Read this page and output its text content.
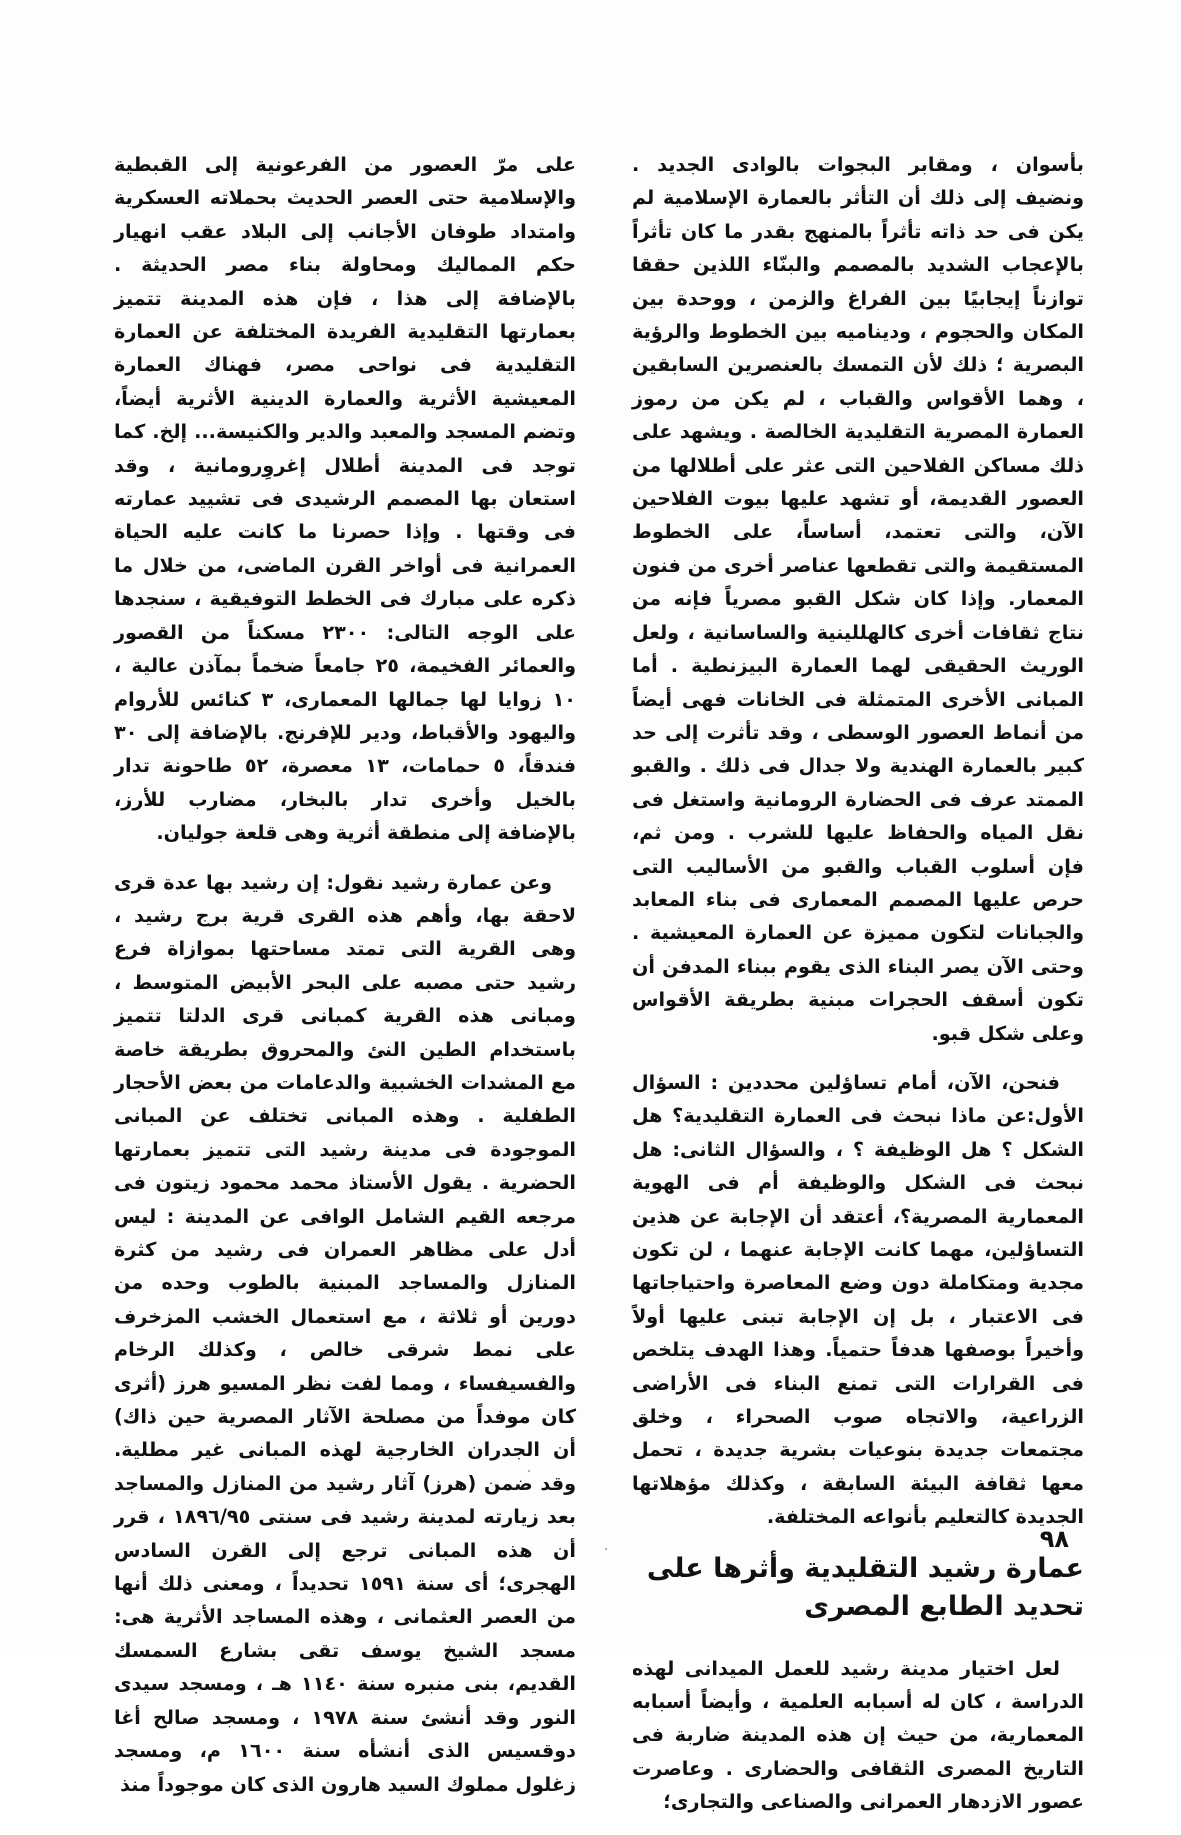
بأسوان ، ومقابر البجوات بالوادى الجديد . ونضيف إلى ذلك أن التأثر بالعمارة الإسلامية لم يكن فى حد ذاته تأثراً بالمنهج بقدر ما كان تأثراً بالإعجاب الشديد بالمصمم والبنّاء اللذين حققا توازناً إيجابيًا بين الفراغ والزمن ، ووحدة بين المكان والحجوم ، وديناميه بين الخطوط والرؤية البصرية ؛ ذلك لأن التمسك بالعنصرين السابقين ، وهما الأقواس والقباب ، لم يكن من رموز العمارة المصرية التقليدية الخالصة . ويشهد على ذلك مساكن الفلاحين التى عثر على أطلالها من العصور القديمة، أو تشهد عليها بيوت الفلاحين الآن، والتى تعتمد، أساساً، على الخطوط المستقيمة والتى تقطعها عناصر أخرى من فنون المعمار. وإذا كان شكل القبو مصرياً فإنه من نتاج ثقافات أخرى كالهللينية والساسانية ، ولعل الوريث الحقيقى لهما العمارة البيزنطية . أما المبانى الأخرى المتمثلة فى الخانات فهى أيضاً من أنماط العصور الوسطى ، وقد تأثرت إلى حد كبير بالعمارة الهندية ولا جدال فى ذلك . والقبو الممتد عرف فى الحضارة الرومانية واستغل فى نقل المياه والحفاظ عليها للشرب . ومن ثم، فإن أسلوب القباب والقبو من الأساليب التى حرص عليها المصمم المعمارى فى بناء المعابد والجبانات لتكون مميزة عن العمارة المعيشية . وحتى الآن يصر البناء الذى يقوم ببناء المدفن أن تكون أسقف الحجرات مبنية بطريقة الأقواس وعلى شكل قبو.

فنحن، الآن، أمام تساؤلين محددين : السؤال الأول:عن ماذا نبحث فى العمارة التقليدية؟ هل الشكل ؟ هل الوظيفة ؟ ، والسؤال الثانى: هل نبحث فى الشكل والوظيفة أم فى الهوية المعمارية المصرية؟، أعتقد أن الإجابة عن هذين التساؤلين، مهما كانت الإجابة عنهما ، لن تكون مجدية ومتكاملة دون وضع المعاصرة واحتياجاتها فى الاعتبار ، بل إن الإجابة تبنى عليها أولاً وأخيراً بوصفها هدفاً حتمياً. وهذا الهدف يتلخص فى القرارات التى تمنع البناء فى الأراضى الزراعية، والاتجاه صوب الصحراء ، وخلق مجتمعات جديدة بنوعيات بشرية جديدة ، تحمل معها ثقافة البيئة السابقة ، وكذلك مؤهلاتها الجديدة كالتعليم بأنواعه المختلفة.

عمارة رشيد التقليدية وأثرها على تحديد الطابع المصرى

لعل اختيار مدينة رشيد للعمل الميدانى لهذه الدراسة ، كان له أسبابه العلمية ، وأيضاً أسبابه المعمارية، من حيث إن هذه المدينة ضاربة فى التاريخ المصرى الثقافى والحضارى . وعاصرت عصور الازدهار العمرانى والصناعى والتجارى؛

على مرّ العصور من الفرعونية إلى القبطية والإسلامية حتى العصر الحديث بحملاته العسكرية وامتداد طوفان الأجانب إلى البلاد عقب انهيار حكم المماليك ومحاولة بناء مصر الحديثة . بالإضافة إلى هذا ، فإن هذه المدينة تتميز بعمارتها التقليدية الفريدة المختلفة عن العمارة التقليدية فى نواحى مصر، فهناك العمارة المعيشية الأثرية والعمارة الدينية الأثرية أيضاً، وتضم المسجد والمعبد والدير والكنيسة... إلخ. كما توجد فى المدينة أطلال إغروِرومانية ، وقد استعان بها المصمم الرشيدى فى تشييد عمارته فى وقتها . وإذا حصرنا ما كانت عليه الحياة العمرانية فى أواخر القرن الماضى، من خلال ما ذكره على مبارك فى الخطط التوفيقية ، سنجدها على الوجه التالى: ٢٣٠٠ مسكناً من القصور والعمائر الفخيمة، ٢٥ جامعاً ضخماً بمآذن عالية ، ١٠ زوايا لها جمالها المعمارى، ٣ كنائس للأروام واليهود والأقباط، ودير للإفرنج. بالإضافة إلى ٣٠ فندقاً، ٥ حمامات، ١٣ معصرة، ٥٢ طاحونة تدار بالخيل وأخرى تدار بالبخار، مضارب للأرز، بالإضافة إلى منطقة أثرية وهى قلعة جوليان.

وعن عمارة رشيد نقول: إن رشيد بها عدة قرى لاحقة بها، وأهم هذه القرى قرية برج رشيد ، وهى القرية التى تمتد مساحتها بموازاة فرع رشيد حتى مصبه على البحر الأبيض المتوسط ، ومبانى هذه القرية كمبانى قرى الدلتا تتميز باستخدام الطين النئ والمحروق بطريقة خاصة مع المشدات الخشبية والدعامات من بعض الأحجار الطفلية . وهذه المبانى تختلف عن المبانى الموجودة فى مدينة رشيد التى تتميز بعمارتها الحضرية . يقول الأستاذ محمد محمود زيتون فى مرجعه القيم الشامل الوافى عن المدينة : ليس أدل على مظاهر العمران فى رشيد من كثرة المنازل والمساجد المبنية بالطوب وحده من دورين أو ثلاثة ، مع استعمال الخشب المزخرف على نمط شرقى خالص ، وكذلك الرخام والفسيفساء ، ومما لفت نظر المسيو هرز (أثرى كان موفداً من مصلحة الآثار المصرية حين ذاك) أن الجدران الخارجية لهذه المبانى غير مطلية. وقد ضمن (هرز) آثار رشيد من المنازل والمساجد بعد زيارته لمدينة رشيد فى سنتى ١٨٩٦/٩٥ ، قرر أن هذه المبانى ترجع إلى القرن السادس الهجرى؛ أى سنة ١٥٩١ تحديداً ، ومعنى ذلك أنها من العصر العثمانى ، وهذه المساجد الأثرية هى: مسجد الشيخ يوسف تقى بشارع السمسك القديم، بنى منبره سنة ١١٤٠ هـ ، ومسجد سيدى النور وقد أنشئ سنة ١٩٧٨ ، ومسجد صالح أغا دوقسيس الذى أنشأه سنة ١٦٠٠ م، ومسجد زغلول مملوك السيد هارون الذى كان موجوداً منذ

٩٨
